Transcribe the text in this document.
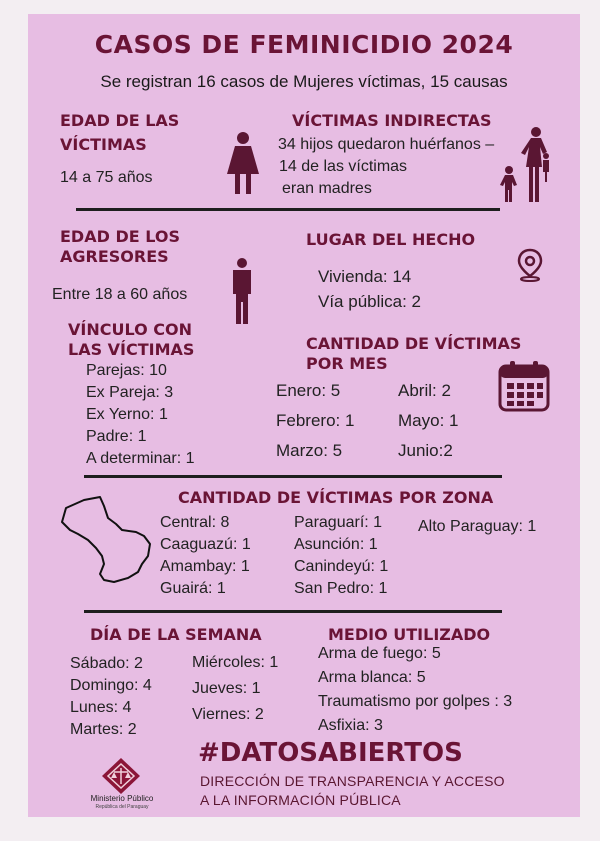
CASOS DE FEMINICIDIO 2024
Se registran 16 casos de Mujeres víctimas, 15 causas
EDAD DE LAS
VÍCTIMAS
14 a 75 años
VÍCTIMAS INDIRECTAS
34 hijos quedaron huérfanos –
14 de las víctimas
eran madres
EDAD DE LOS
AGRESORES
Entre 18 a 60 años
LUGAR DEL HECHO
Vivienda: 14
Vía pública: 2
VÍNCULO CON
LAS VÍCTIMAS
Parejas: 10
Ex Pareja: 3
Ex Yerno: 1
Padre: 1
A determinar: 1
CANTIDAD DE VÍCTIMAS
POR MES
Enero: 5
Febrero: 1
Marzo: 5
Abril: 2
Mayo: 1
Junio:2
CANTIDAD DE VÍCTIMAS POR ZONA
Central: 8
Caaguazú: 1
Amambay: 1
Guairá: 1
Paraguarí: 1
Asunción: 1
Canindeyú: 1
San Pedro: 1
Alto Paraguay: 1
DÍA DE LA SEMANA
Sábado: 2
Domingo: 4
Lunes: 4
Martes: 2
Miércoles: 1
Jueves: 1
Viernes: 2
MEDIO UTILIZADO
Arma de fuego: 5
Arma blanca: 5
Traumatismo por golpes : 3
Asfixia: 3
Ministerio Público
República del Paraguay
#DATOSABIERTOS
DIRECCIÓN DE TRANSPARENCIA Y ACCESO
A LA INFORMACIÓN PÚBLICA
